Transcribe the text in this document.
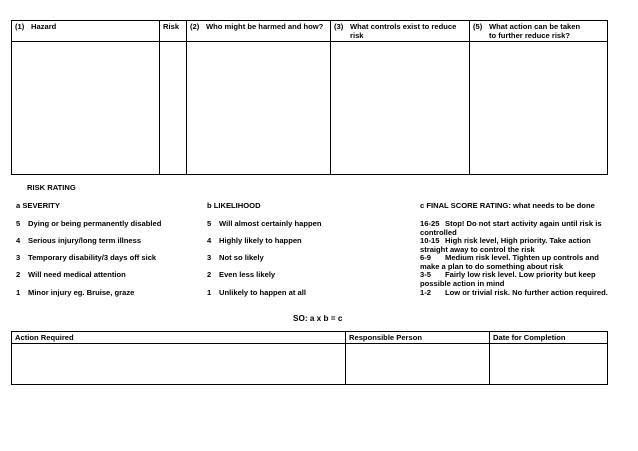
(1) Hazard	Risk	(2) Who might be harmed and how?	(3) What controls exist to reduce risk	(5) What action can be taken to further reduce risk?

RISK RATING
a SEVERITY
5 Dying or being permanently disabled
4 Serious injury/long term illness
3 Temporary disability/3 days off sick
2 Will need medical attention
1 Minor injury eg. Bruise, graze
b LIKELIHOOD
5 Will almost certainly happen
4 Highly likely to happen
3 Not so likely
2 Even less likely
1 Unlikely to happen at all
c FINAL SCORE RATING: what needs to be done
16-25 Stop! Do not start activity again until risk is controlled
10-15 High risk level, High priority. Take action straight away to control the risk
6-9 Medium risk level. Tighten up controls and make a plan to do something about risk
3-5 Fairly low risk level. Low priority but keep possible action in mind
1-2 Low or trivial risk. No further action required.
SO: a x b = c
Action Required	Responsible Person	Date for Completion
